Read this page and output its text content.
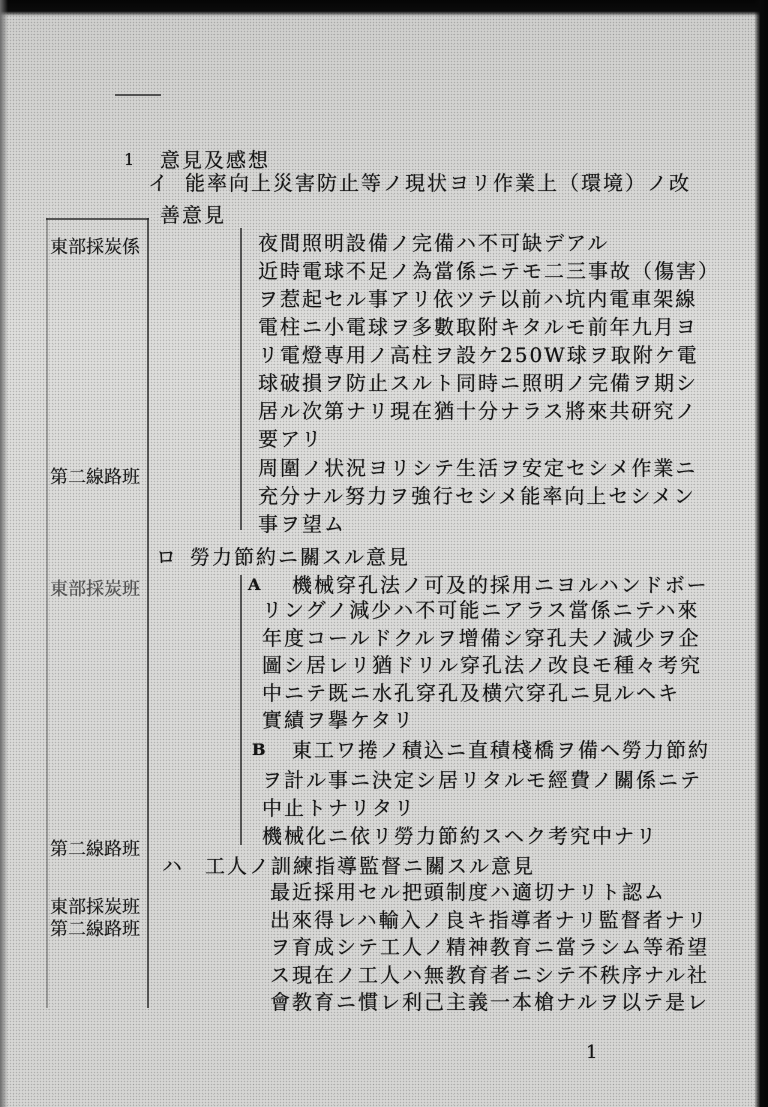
1 意見及感想
東部採炭係
第二線路班
東部採炭班
第二線路班
東部採炭班
第二線路班
イ 能率向上災害防止等ノ現状ヨリ作業上（環境）ノ改
善意見
夜間照明設備ノ完備ハ不可缺デアル
近時電球不足ノ為當係ニテモ二三事故（傷害）
ヲ惹起セル事アリ依ツテ以前ハ坑内電車架線
電柱ニ小電球ヲ多數取附キタルモ前年九月ヨ
リ電燈専用ノ高柱ヲ設ケ250W球ヲ取附ケ電
球破損ヲ防止スルト同時ニ照明ノ完備ヲ期シ
居ル次第ナリ現在猶十分ナラス將來共研究ノ
要アリ
周圍ノ状況ヨリシテ生活ヲ安定セシメ作業ニ
充分ナル努力ヲ強行セシメ能率向上セシメン
事ヲ望ム
ロ 勞力節約ニ關スル意見
A 機械穿孔法ノ可及的採用ニヨルハンドボー
リングノ減少ハ不可能ニアラス當係ニテハ來
年度コールドクルヲ增備シ穿孔夫ノ減少ヲ企
圖シ居レリ猶ドリル穿孔法ノ改良モ種々考究
中ニテ既ニ水孔穿孔及横穴穿孔ニ見ルヘキ
實績ヲ擧ケタリ
B 東工ワ捲ノ積込ニ直積棧橋ヲ備ヘ勞力節約
ヲ計ル事ニ決定シ居リタルモ經費ノ關係ニテ
中止トナリタリ
機械化ニ依リ勞力節約スヘク考究中ナリ
ハ 工人ノ訓練指導監督ニ關スル意見
最近採用セル把頭制度ハ適切ナリト認ム
出來得レハ輸入ノ良キ指導者ナリ監督者ナリ
ヲ育成シテ工人ノ精神教育ニ當ラシム等希望
ス現在ノ工人ハ無教育者ニシテ不秩序ナル社
會教育ニ慣レ利己主義一本槍ナルヲ以テ是レ
1
